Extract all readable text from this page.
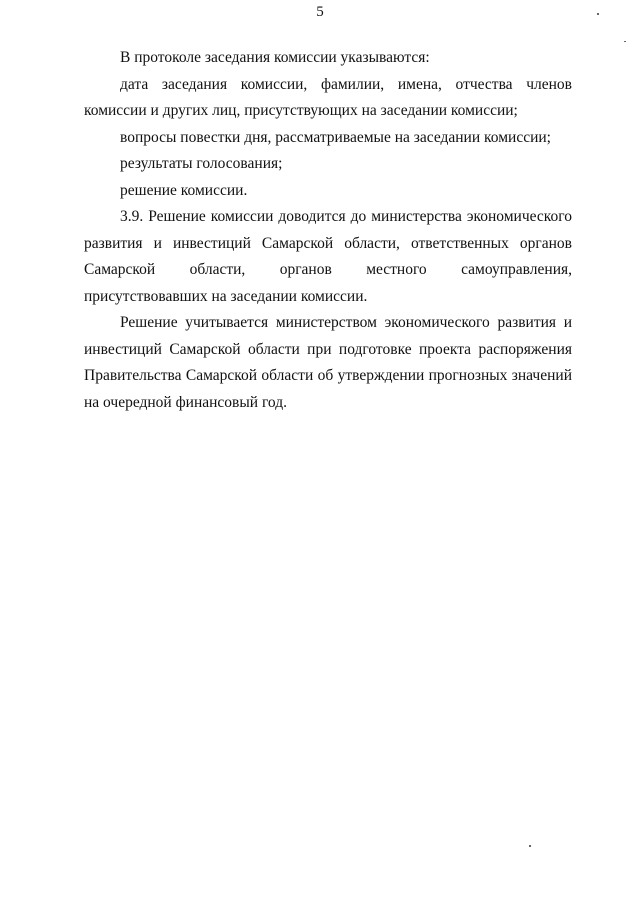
5

В протоколе заседания комиссии указываются:

дата заседания комиссии, фамилии, имена, отчества членов комиссии и других лиц, присутствующих на заседании комиссии;

вопросы повестки дня, рассматриваемые на заседании комиссии;

результаты голосования;

решение комиссии.

3.9. Решение комиссии доводится до министерства экономического развития и инвестиций Самарской области, ответственных органов Самарской области, органов местного самоуправления, присутствовавших на заседании комиссии.

Решение учитывается министерством экономического развития и инвестиций Самарской области при подготовке проекта распоряжения Правительства Самарской области об утверждении прогнозных значений на очередной финансовый год.
